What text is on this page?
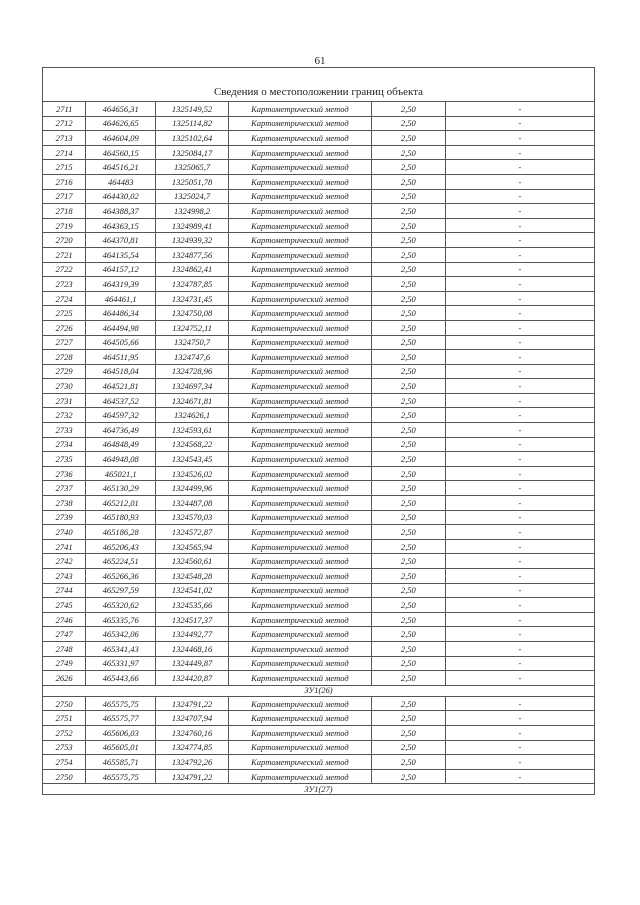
61
Сведения о местоположении границ объекта					
2711	464656,31	1325149,52	Картометрический метод	2,50	-
2712	464626,65	1325114,82	Картометрический метод	2,50	-
2713	464604,09	1325102,64	Картометрический метод	2,50	-
2714	464560,15	1325084,17	Картометрический метод	2,50	-
2715	464516,21	1325065,7	Картометрический метод	2,50	-
2716	464483	1325051,78	Картометрический метод	2,50	-
2717	464430,02	1325024,7	Картометрический метод	2,50	-
2718	464388,37	1324998,2	Картометрический метод	2,50	-
2719	464363,15	1324989,41	Картометрический метод	2,50	-
2720	464370,81	1324939,32	Картометрический метод	2,50	-
2721	464135,54	1324877,56	Картометрический метод	2,50	-
2722	464157,12	1324862,41	Картометрический метод	2,50	-
2723	464319,39	1324787,85	Картометрический метод	2,50	-
2724	464461,1	1324731,45	Картометрический метод	2,50	-
2725	464486,34	1324750,08	Картометрический метод	2,50	-
2726	464494,98	1324752,11	Картометрический метод	2,50	-
2727	464505,66	1324750,7	Картометрический метод	2,50	-
2728	464511,95	1324747,6	Картометрический метод	2,50	-
2729	464518,04	1324728,96	Картометрический метод	2,50	-
2730	464521,81	1324697,34	Картометрический метод	2,50	-
2731	464537,52	1324671,81	Картометрический метод	2,50	-
2732	464597,32	1324626,1	Картометрический метод	2,50	-
2733	464736,49	1324593,61	Картометрический метод	2,50	-
2734	464848,49	1324568,22	Картометрический метод	2,50	-
2735	464948,08	1324543,45	Картометрический метод	2,50	-
2736	465021,1	1324526,02	Картометрический метод	2,50	-
2737	465130,29	1324499,96	Картометрический метод	2,50	-
2738	465212,01	1324487,08	Картометрический метод	2,50	-
2739	465180,93	1324570,03	Картометрический метод	2,50	-
2740	465186,28	1324572,87	Картометрический метод	2,50	-
2741	465206,43	1324565,94	Картометрический метод	2,50	-
2742	465224,51	1324560,61	Картометрический метод	2,50	-
2743	465266,36	1324548,28	Картометрический метод	2,50	-
2744	465297,59	1324541,02	Картометрический метод	2,50	-
2745	465320,62	1324535,66	Картометрический метод	2,50	-
2746	465335,76	1324517,37	Картометрический метод	2,50	-
2747	465342,06	1324492,77	Картометрический метод	2,50	-
2748	465341,43	1324468,16	Картометрический метод	2,50	-
2749	465331,97	1324449,87	Картометрический метод	2,50	-
2626	465443,66	1324420,87	Картометрический метод	2,50	-
ЗУ1(26)					
2750	465575,75	1324791,22	Картометрический метод	2,50	-
2751	465575,77	1324707,94	Картометрический метод	2,50	-
2752	465606,03	1324760,16	Картометрический метод	2,50	-
2753	465605,01	1324774,85	Картометрический метод	2,50	-
2754	465585,71	1324792,26	Картометрический метод	2,50	-
2750	465575,75	1324791,22	Картометрический метод	2,50	-
ЗУ1(27)					
